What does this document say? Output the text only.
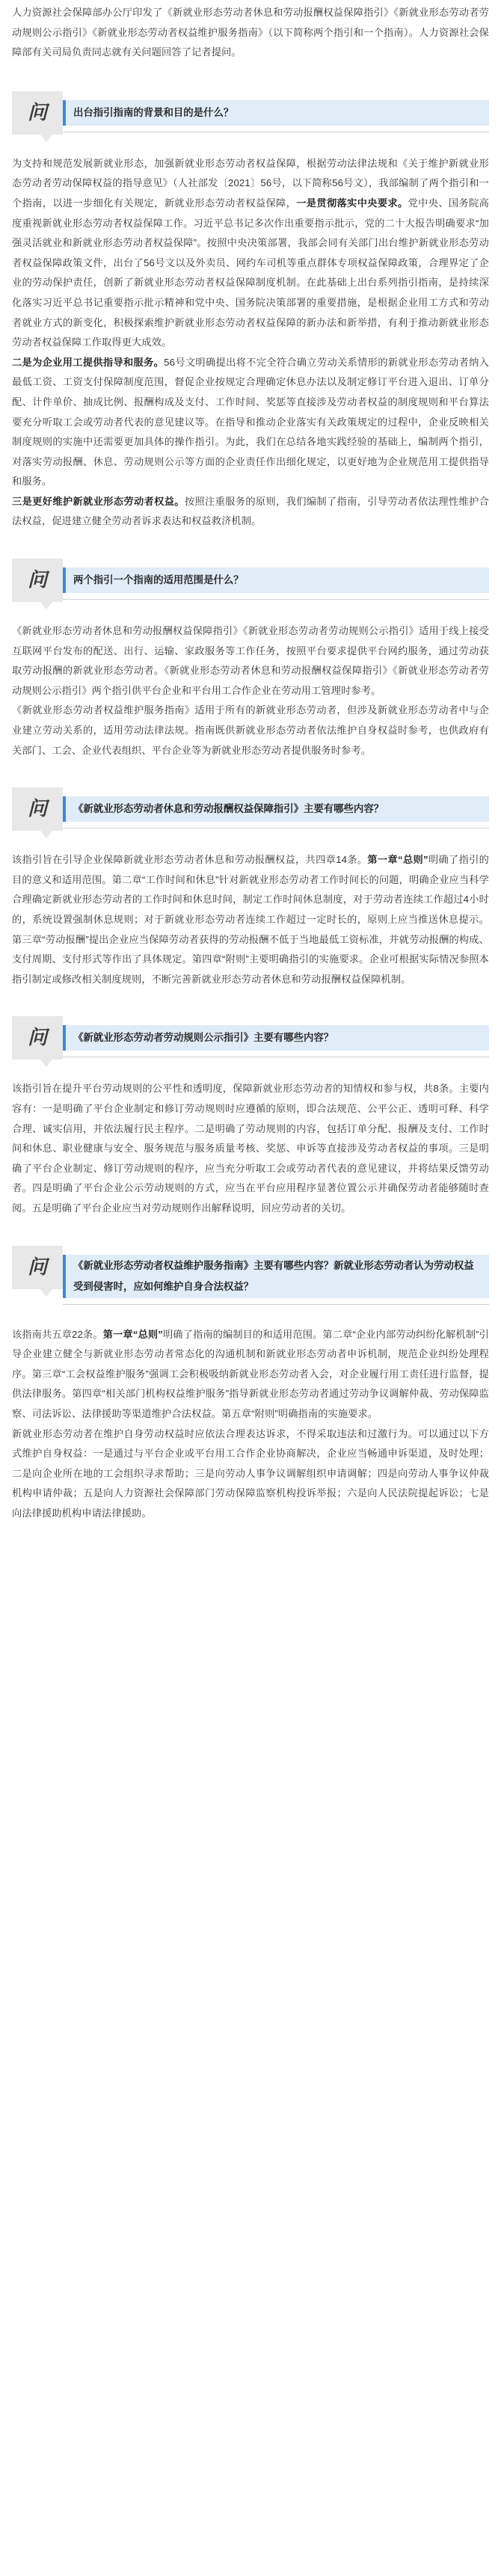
人力资源社会保障部办公厅印发了《新就业形态劳动者休息和劳动报酬权益保障指引》《新就业形态劳动者劳动规则公示指引》《新就业形态劳动者权益维护服务指南》（以下简称两个指引和一个指南）。人力资源社会保障部有关司局负责同志就有关问题回答了记者提问。

问	出台指引指南的背景和目的是什么？

为支持和规范发展新就业形态，加强新就业形态劳动者权益保障，根据劳动法律法规和《关于维护新就业形态劳动者劳动保障权益的指导意见》（人社部发〔2021〕56号，以下简称56号文），我部编制了两个指引和一个指南，以进一步细化有关规定，新就业形态劳动者权益保障，一是贯彻落实中央要求。党中央、国务院高度重视新就业形态劳动者权益保障工作。习近平总书记多次作出重要指示批示，党的二十大报告明确要求“加强灵活就业和新就业形态劳动者权益保障”。按照中央决策部署，我部会同有关部门出台维护新就业形态劳动者权益保障政策文件，出台了56号文以及外卖员、网约车司机等重点群体专项权益保障政策，合理界定了企业的劳动保护责任，创新了新就业形态劳动者权益保障制度机制。在此基础上出台系列指引指南，是持续深化落实习近平总书记重要指示批示精神和党中央、国务院决策部署的重要措施，是根据企业用工方式和劳动者就业方式的新变化，积极探索维护新就业形态劳动者权益保障的新办法和新举措，有利于推动新就业形态劳动者权益保障工作取得更大成效。

二是为企业用工提供指导和服务。56号文明确提出将不完全符合确立劳动关系情形的新就业形态劳动者纳入最低工资、工资支付保障制度范围，督促企业按规定合理确定休息办法以及制定修订平台进入退出、订单分配、计件单价、抽成比例、报酬构成及支付、工作时间、奖惩等直接涉及劳动者权益的制度规则和平台算法要充分听取工会或劳动者代表的意见建议等。在指导和推动企业落实有关政策规定的过程中，企业反映相关制度规则的实施中还需要更加具体的操作指引。为此，我们在总结各地实践经验的基础上，编制两个指引，对落实劳动报酬、休息、劳动规则公示等方面的企业责任作出细化规定，以更好地为企业规范用工提供指导和服务。

三是更好维护新就业形态劳动者权益。按照注重服务的原则，我们编制了指南，引导劳动者依法理性维护合法权益，促进建立健全劳动者诉求表达和权益救济机制。

问	两个指引一个指南的适用范围是什么？

《新就业形态劳动者休息和劳动报酬权益保障指引》《新就业形态劳动者劳动规则公示指引》适用于线上接受互联网平台发布的配送、出行、运输、家政服务等工作任务，按照平台要求提供平台网约服务，通过劳动获取劳动报酬的新就业形态劳动者。《新就业形态劳动者休息和劳动报酬权益保障指引》《新就业形态劳动者劳动规则公示指引》两个指引供平台企业和平台用工合作企业在劳动用工管理时参考。

《新就业形态劳动者权益维护服务指南》适用于所有的新就业形态劳动者，但涉及新就业形态劳动者中与企业建立劳动关系的，适用劳动法律法规。指南既供新就业形态劳动者依法维护自身权益时参考，也供政府有关部门、工会、企业代表组织、平台企业等为新就业形态劳动者提供服务时参考。

问	《新就业形态劳动者休息和劳动报酬权益保障指引》主要有哪些内容？

该指引旨在引导企业保障新就业形态劳动者休息和劳动报酬权益，共四章14条。第一章“总则”明确了指引的目的意义和适用范围。第二章“工作时间和休息”针对新就业形态劳动者工作时间长的问题，明确企业应当科学合理确定新就业形态劳动者的工作时间和休息时间，制定工作时间休息制度，对于劳动者连续工作超过4小时的，系统设置强制休息规则；对于新就业形态劳动者连续工作超过一定时长的，原则上应当推送休息提示。第三章“劳动报酬”提出企业应当保障劳动者获得的劳动报酬不低于当地最低工资标准，并就劳动报酬的构成、支付周期、支付形式等作出了具体规定。第四章“附则”主要明确指引的实施要求。企业可根据实际情况参照本指引制定或修改相关制度规则，不断完善新就业形态劳动者休息和劳动报酬权益保障机制。

问	《新就业形态劳动者劳动规则公示指引》主要有哪些内容？

该指引旨在提升平台劳动规则的公平性和透明度，保障新就业形态劳动者的知情权和参与权，共8条。主要内容有：一是明确了平台企业制定和修订劳动规则时应遵循的原则，即合法规范、公平公正、透明可释、科学合理、诚实信用，并依法履行民主程序。二是明确了劳动规则的内容，包括订单分配、报酬及支付、工作时间和休息、职业健康与安全、服务规范与服务质量考核、奖惩、申诉等直接涉及劳动者权益的事项。三是明确了平台企业制定、修订劳动规则的程序，应当充分听取工会或劳动者代表的意见建议，并将结果反馈劳动者。四是明确了平台企业公示劳动规则的方式，应当在平台应用程序显著位置公示并确保劳动者能够随时查阅。五是明确了平台企业应当对劳动规则作出解释说明，回应劳动者的关切。

问	《新就业形态劳动者权益维护服务指南》主要有哪些内容？新就业形态劳动者认为劳动权益受到侵害时，应如何维护自身合法权益？

该指南共五章22条。第一章“总则”明确了指南的编制目的和适用范围。第二章“企业内部劳动纠纷化解机制”引导企业建立健全与新就业形态劳动者常态化的沟通机制和新就业形态劳动者申诉机制，规范企业纠纷处理程序。第三章“工会权益维护服务”强调工会积极吸纳新就业形态劳动者入会，对企业履行用工责任进行监督，提供法律服务。第四章“相关部门机构权益维护服务”指导新就业形态劳动者通过劳动争议调解仲裁、劳动保障监察、司法诉讼、法律援助等渠道维护合法权益。第五章“附则”明确指南的实施要求。

新就业形态劳动者在维护自身劳动权益时应依法合理表达诉求，不得采取违法和过激行为。可以通过以下方式维护自身权益：一是通过与平台企业或平台用工合作企业协商解决，企业应当畅通申诉渠道，及时处理；二是向企业所在地的工会组织寻求帮助；三是向劳动人事争议调解组织申请调解；四是向劳动人事争议仲裁机构申请仲裁；五是向人力资源社会保障部门劳动保障监察机构投诉举报；六是向人民法院提起诉讼；七是向法律援助机构申请法律援助。
